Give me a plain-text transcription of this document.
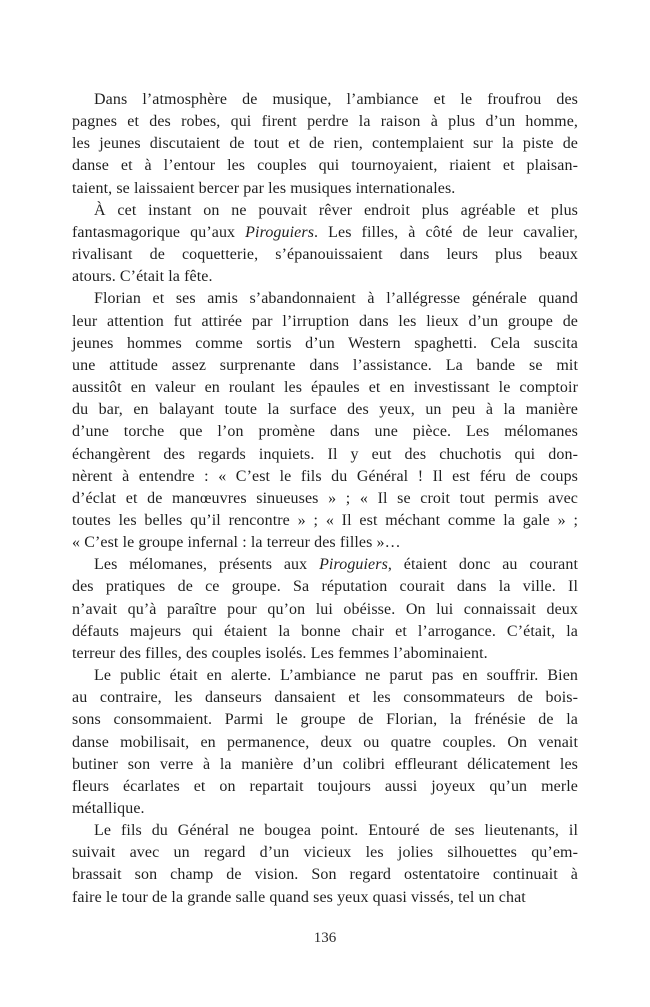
Dans l’atmosphère de musique, l’ambiance et le froufrou des
pagnes et des robes, qui firent perdre la raison à plus d’un homme,
les jeunes discutaient de tout et de rien, contemplaient sur la piste de
danse et à l’entour les couples qui tournoyaient, riaient et plaisan-
taient, se laissaient bercer par les musiques internationales.
À cet instant on ne pouvait rêver endroit plus agréable et plus
fantasmagorique qu’aux Piroguiers. Les filles, à côté de leur cavalier,
rivalisant de coquetterie, s’épanouissaient dans leurs plus beaux
atours. C’était la fête.
Florian et ses amis s’abandonnaient à l’allégresse générale quand
leur attention fut attirée par l’irruption dans les lieux d’un groupe de
jeunes hommes comme sortis d’un Western spaghetti. Cela suscita
une attitude assez surprenante dans l’assistance. La bande se mit
aussitôt en valeur en roulant les épaules et en investissant le comptoir
du bar, en balayant toute la surface des yeux, un peu à la manière
d’une torche que l’on promène dans une pièce. Les mélomanes
échangèrent des regards inquiets. Il y eut des chuchotis qui don-
nèrent à entendre : « C’est le fils du Général ! Il est féru de coups
d’éclat et de manœuvres sinueuses » ; « Il se croit tout permis avec
toutes les belles qu’il rencontre » ; « Il est méchant comme la gale » ;
« C’est le groupe infernal : la terreur des filles »…
Les mélomanes, présents aux Piroguiers, étaient donc au courant
des pratiques de ce groupe. Sa réputation courait dans la ville. Il
n’avait qu’à paraître pour qu’on lui obéisse. On lui connaissait deux
défauts majeurs qui étaient la bonne chair et l’arrogance. C’était, la
terreur des filles, des couples isolés. Les femmes l’abominaient.
Le public était en alerte. L’ambiance ne parut pas en souffrir. Bien
au contraire, les danseurs dansaient et les consommateurs de bois-
sons consommaient. Parmi le groupe de Florian, la frénésie de la
danse mobilisait, en permanence, deux ou quatre couples. On venait
butiner son verre à la manière d’un colibri effleurant délicatement les
fleurs écarlates et on repartait toujours aussi joyeux qu’un merle
métallique.
Le fils du Général ne bougea point. Entouré de ses lieutenants, il
suivait avec un regard d’un vicieux les jolies silhouettes qu’em-
brassait son champ de vision. Son regard ostentatoire continuait à
faire le tour de la grande salle quand ses yeux quasi vissés, tel un chat
136
